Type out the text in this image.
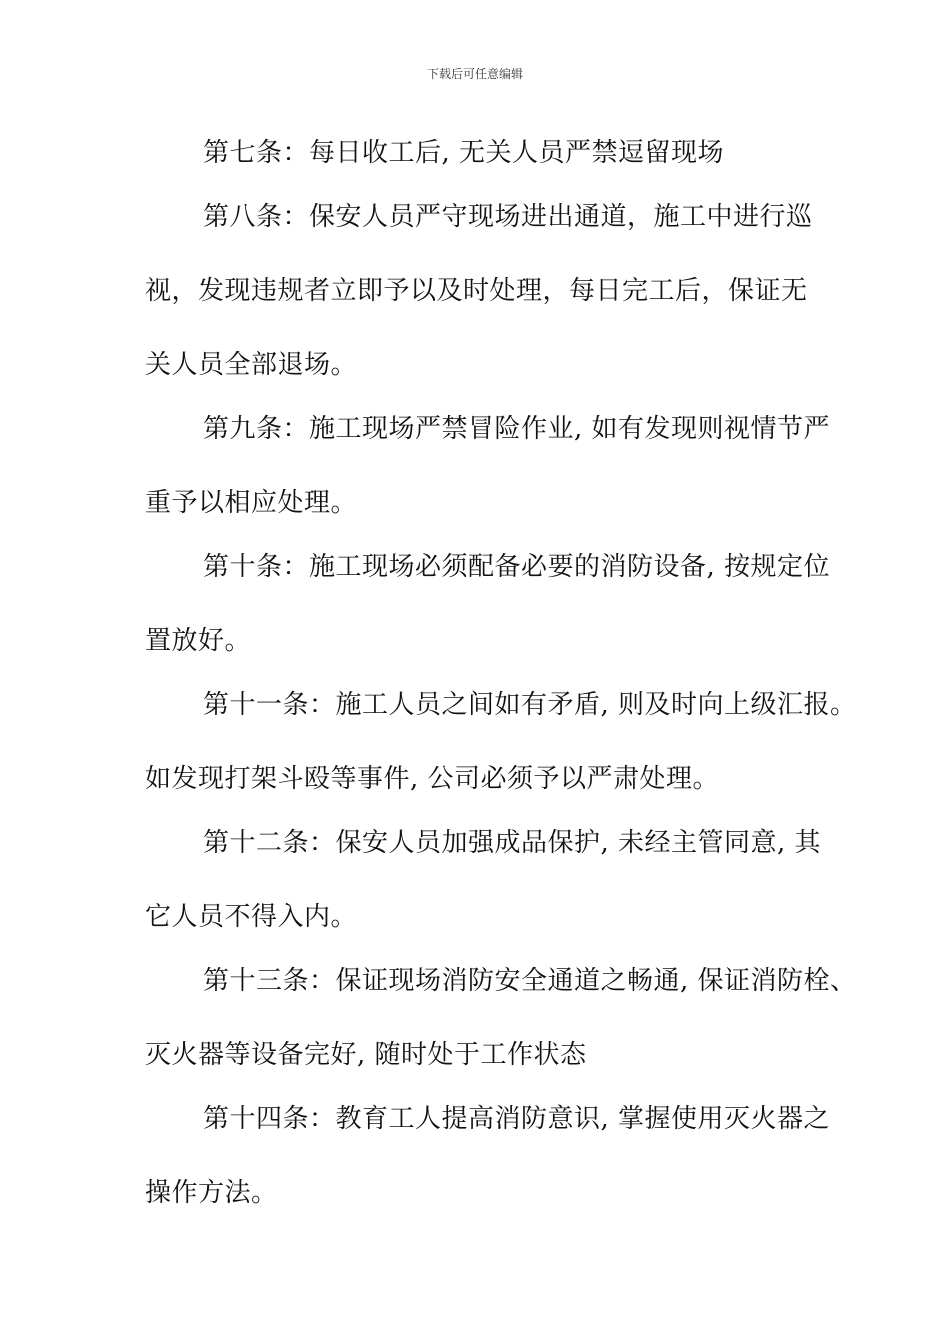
下载后可任意编辑
第七条：每日收工后, 无关人员严禁逗留现场
第八条：保安人员严守现场进出通道，施工中进行巡
视，发现违规者立即予以及时处理，每日完工后，保证无
关人员全部退场。
第九条：施工现场严禁冒险作业, 如有发现则视情节严
重予以相应处理。
第十条：施工现场必须配备必要的消防设备, 按规定位
置放好。
第十一条：施工人员之间如有矛盾, 则及时向上级汇报。
如发现打架斗殴等事件, 公司必须予以严肃处理。
第十二条：保安人员加强成品保护, 未经主管同意, 其
它人员不得入内。
第十三条：保证现场消防安全通道之畅通, 保证消防栓、
灭火器等设备完好, 随时处于工作状态
第十四条：教育工人提高消防意识, 掌握使用灭火器之
操作方法。
